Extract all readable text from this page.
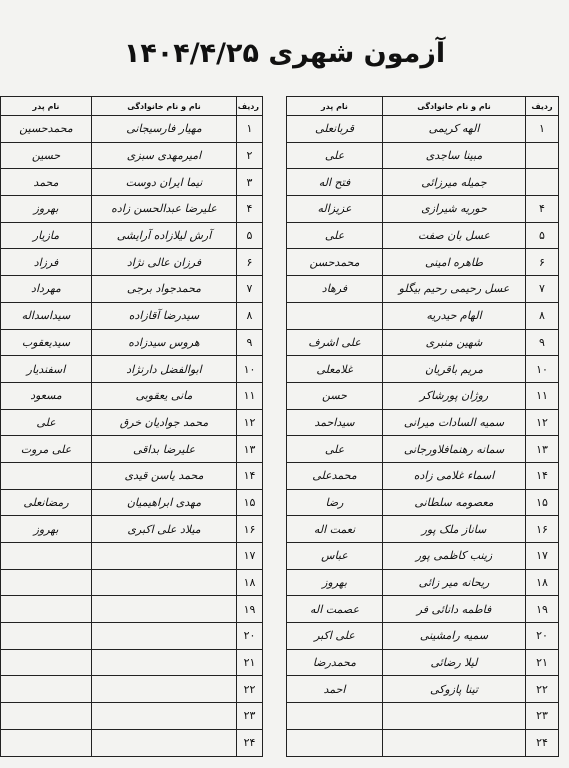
آزمون شهری ۱۴۰۴/۴/۲۵
ردیف	نام و نام خانوادگی	نام پدر
۱	الهه کریمی	قربانعلی
	مبینا ساجدی	علی
	جمیله میرزائی	فتح اله
۴	حوریه شیرازی	عزیزاله
۵	عسل بان صفت	علی
۶	طاهره امینی	محمدحسن
۷	عسل رحیمی رحیم بیگلو	فرهاد
۸	الهام حیدریه	
۹	شهین منبری	علی اشرف
۱۰	مریم باقریان	غلامعلی
۱۱	روژان پورشاکر	حسن
۱۲	سمیه السادات میرانی	سیداحمد
۱۳	سمانه رهنمافلاورجانی	علی
۱۴	اسماء غلامی زاده	محمدعلی
۱۵	معصومه سلطانی	رضا
۱۶	ساناز ملک پور	نعمت اله
۱۷	زینب کاظمی پور	عباس
۱۸	ریحانه میر زائی	بهروز
۱۹	فاطمه دانائی فر	عصمت اله
۲۰	سمیه رامشینی	علی اکبر
۲۱	لیلا رضائی	محمدرضا
۲۲	تینا پازوکی	احمد
۲۳		
۲۴		
ردیف	نام و نام خانوادگی	نام پدر
۱	مهیار فارسیجانی	محمدحسین
۲	امیرمهدی سبزی	حسین
۳	نیما ایران دوست	محمد
۴	علیرضا عبدالحسن زاده	بهروز
۵	آرش لیلازاده آرایشی	مازیار
۶	فرزان عالی نژاد	فرزاد
۷	محمدجواد برجی	مهرداد
۸	سیدرضا آقازاده	سیداسداله
۹	هروس سیدزاده	سیدیعقوب
۱۰	ابوالفضل دارنژاد	اسفندیار
۱۱	مانی یعقوبی	مسعود
۱۲	محمد جوادیان خرق	علی
۱۳	علیرضا بداقی	علی مروت
۱۴	محمد یاسن قیدی	
۱۵	مهدی ابراهیمیان	رمضانعلی
۱۶	میلاد علی اکبری	بهروز
۱۷		
۱۸		
۱۹		
۲۰		
۲۱		
۲۲		
۲۳		
۲۴		
